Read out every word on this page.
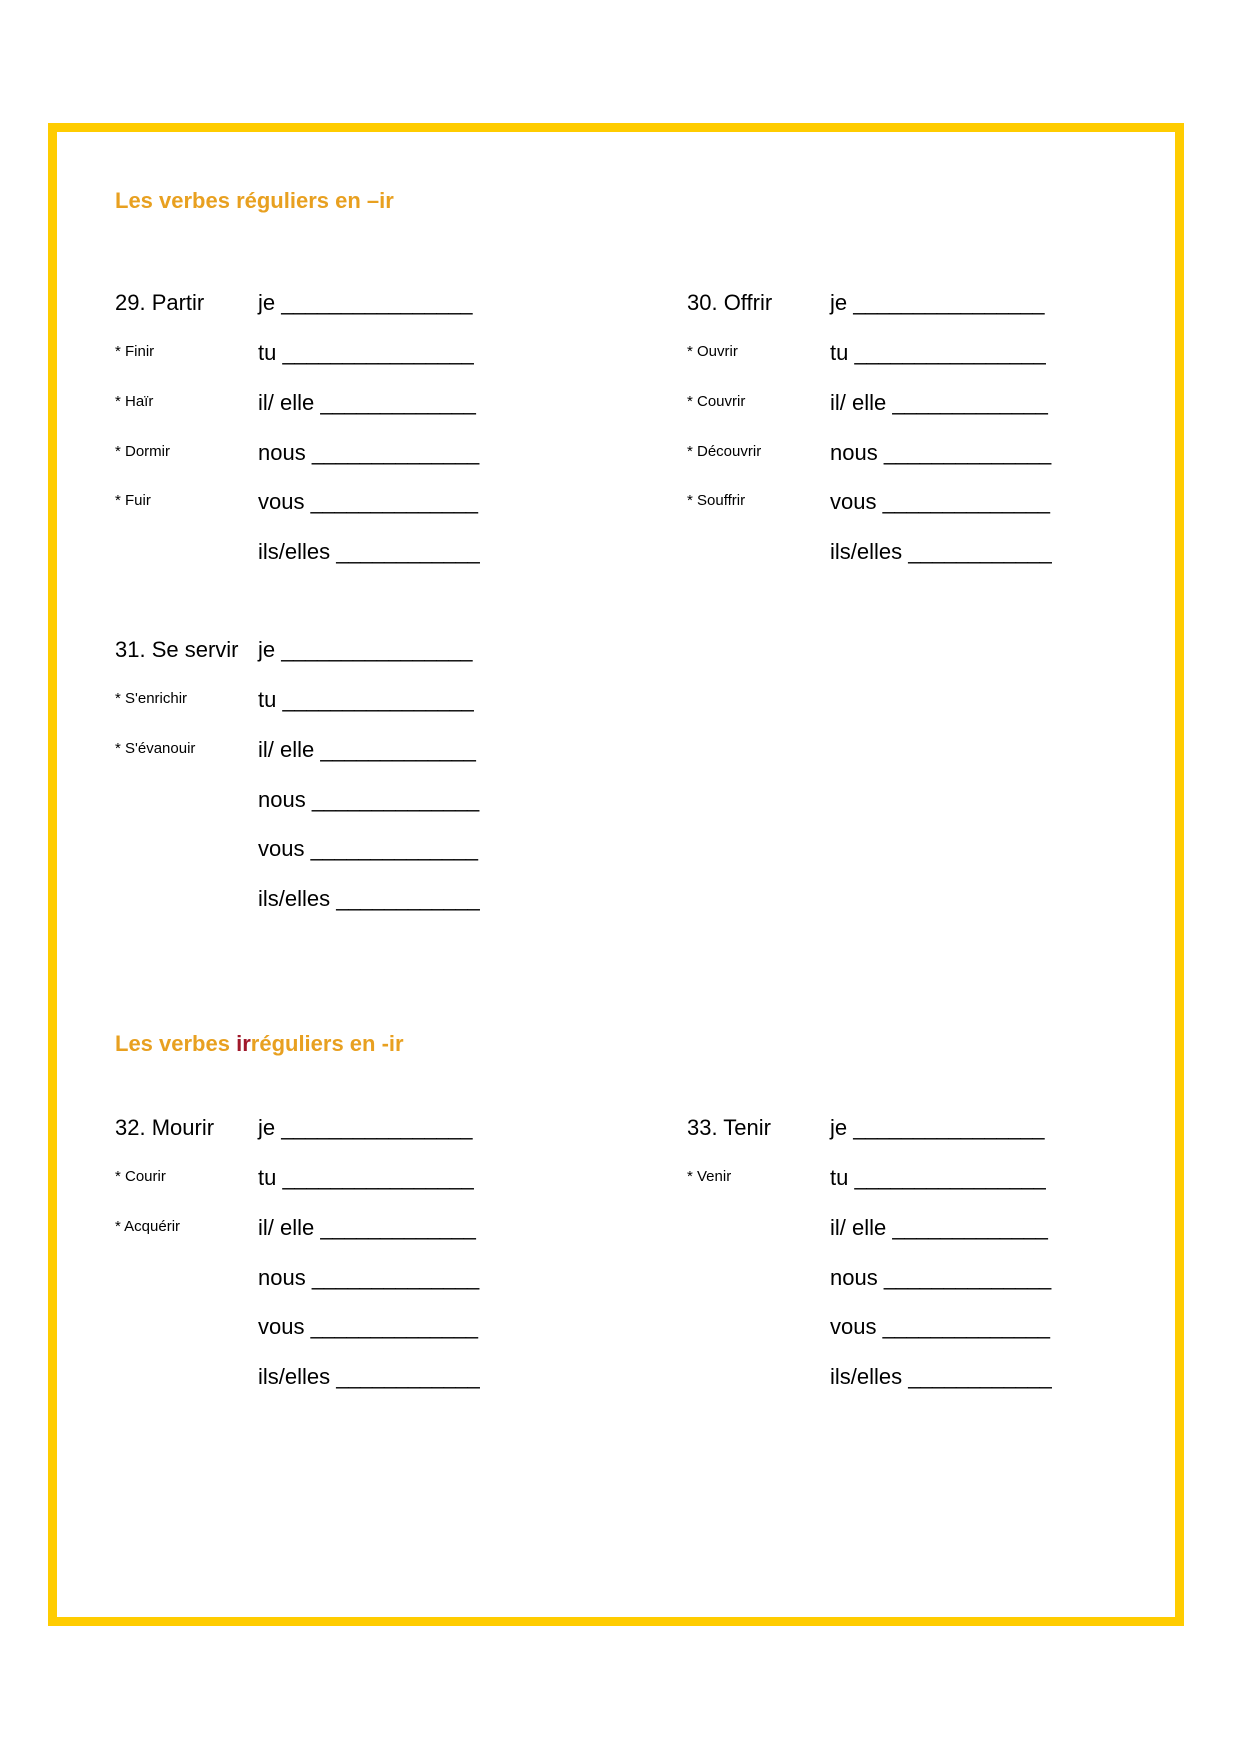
Les verbes réguliers en –ir
Les verbes irréguliers en -ir
29. Partir
* Finir
* Haïr
* Dormir
* Fuir
je ________________
tu ________________
il/ elle _____________
nous ______________
vous ______________
ils/elles ____________
30. Offrir
* Ouvrir
* Couvrir
* Découvrir
* Souffrir
je ________________
tu ________________
il/ elle _____________
nous ______________
vous ______________
ils/elles ____________
31. Se servir
* S'enrichir
* S'évanouir
je ________________
tu ________________
il/ elle _____________
nous ______________
vous ______________
ils/elles ____________
32. Mourir
* Courir
* Acquérir
je ________________
tu ________________
il/ elle _____________
nous ______________
vous ______________
ils/elles ____________
33. Tenir
* Venir
je ________________
tu ________________
il/ elle _____________
nous ______________
vous ______________
ils/elles ____________
